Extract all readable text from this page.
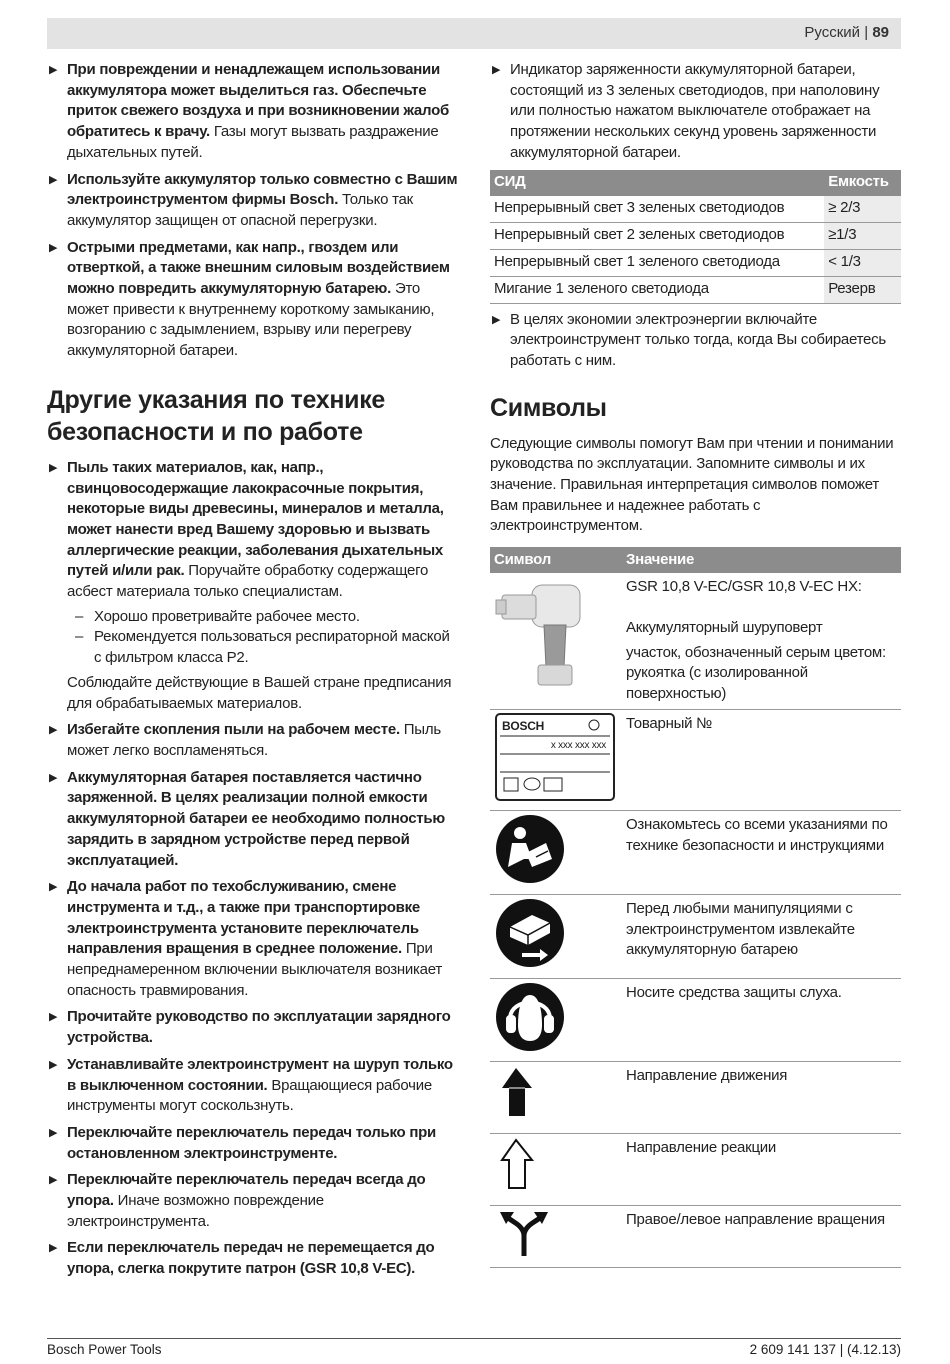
Русский | 89

▶ При повреждении и ненадлежащем использовании аккумулятора может выделиться газ. Обеспечьте приток свежего воздуха и при возникновении жалоб обратитесь к врачу. Газы могут вызвать раздражение дыхательных путей.

▶ Используйте аккумулятор только совместно с Вашим электроинструментом фирмы Bosch. Только так аккумулятор защищен от опасной перегрузки.

▶ Острыми предметами, как напр., гвоздем или отверткой, а также внешним силовым воздействием можно повредить аккумуляторную батарею. Это может привести к внутреннему короткому замыканию, возгоранию с задымлением, взрыву или перегреву аккумуляторной батареи.

Другие указания по технике безопасности и по работе

▶ Пыль таких материалов, как, напр., свинцовосодержащие лакокрасочные покрытия, некоторые виды древесины, минералов и металла, может нанести вред Вашему здоровью и вызвать аллергические реакции, заболевания дыхательных путей и/или рак. Поручайте обработку содержащего асбест материала только специалистам.

– Хорошо проветривайте рабочее место.

– Рекомендуется пользоваться респираторной маской с фильтром класса P2.

Соблюдайте действующие в Вашей стране предписания для обрабатываемых материалов.

▶ Избегайте скопления пыли на рабочем месте. Пыль может легко воспламеняться.

▶ Аккумуляторная батарея поставляется частично заряженной. В целях реализации полной емкости аккумуляторной батареи ее необходимо полностью зарядить в зарядном устройстве перед первой эксплуатацией.

▶ До начала работ по техобслуживанию, смене инструмента и т.д., а также при транспортировке электроинструмента установите переключатель направления вращения в среднее положение. При непреднамеренном включении выключателя возникает опасность травмирования.

▶ Прочитайте руководство по эксплуатации зарядного устройства.

▶ Устанавливайте электроинструмент на шуруп только в выключенном состоянии. Вращающиеся рабочие инструменты могут соскользнуть.

▶ Переключайте переключатель передач только при остановленном электроинструменте.

▶ Переключайте переключатель передач всегда до упора. Иначе возможно повреждение электроинструмента.

▶ Если переключатель передач не перемещается до упора, слегка покрутите патрон (GSR 10,8 V-EC).

▶ Индикатор заряженности аккумуляторной батареи, состоящий из 3 зеленых светодиодов, при наполовину или полностью нажатом выключателе отображает на протяжении нескольких секунд уровень заряженности аккумуляторной батареи.

СИД	Емкость
Непрерывный свет 3 зеленых светодиодов	≥ 2/3
Непрерывный свет 2 зеленых светодиодов	≥1/3
Непрерывный свет 1 зеленого светодиода	< 1/3
Мигание 1 зеленого светодиода	Резерв

▶ В целях экономии электроэнергии включайте электроинструмент только тогда, когда Вы собираетесь работать с ним.

Символы

Следующие символы помогут Вам при чтении и понимании руководства по эксплуатации. Запомните символы и их значение. Правильная интерпретация символов поможет Вам правильнее и надежнее работать с электроинструментом.

Символ	Значение

GSR 10,8 V-EC/GSR 10,8 V-EC HX:
Аккумуляторный шуруповерт
участок, обозначенный серым цветом: рукоятка (с изолированной поверхностью)

BOSCH
x xxx xxx xxx	Товарный №
	Ознакомьтесь со всеми указаниями по технике безопасности и инструкциями
	Перед любыми манипуляциями с электроинструментом извлекайте аккумуляторную батарею
	Носите средства защиты слуха.
	Направление движения
	Направление реакции
	Правое/левое направление вращения
Bosch Power Tools	2 609 141 137 | (4.12.13)
